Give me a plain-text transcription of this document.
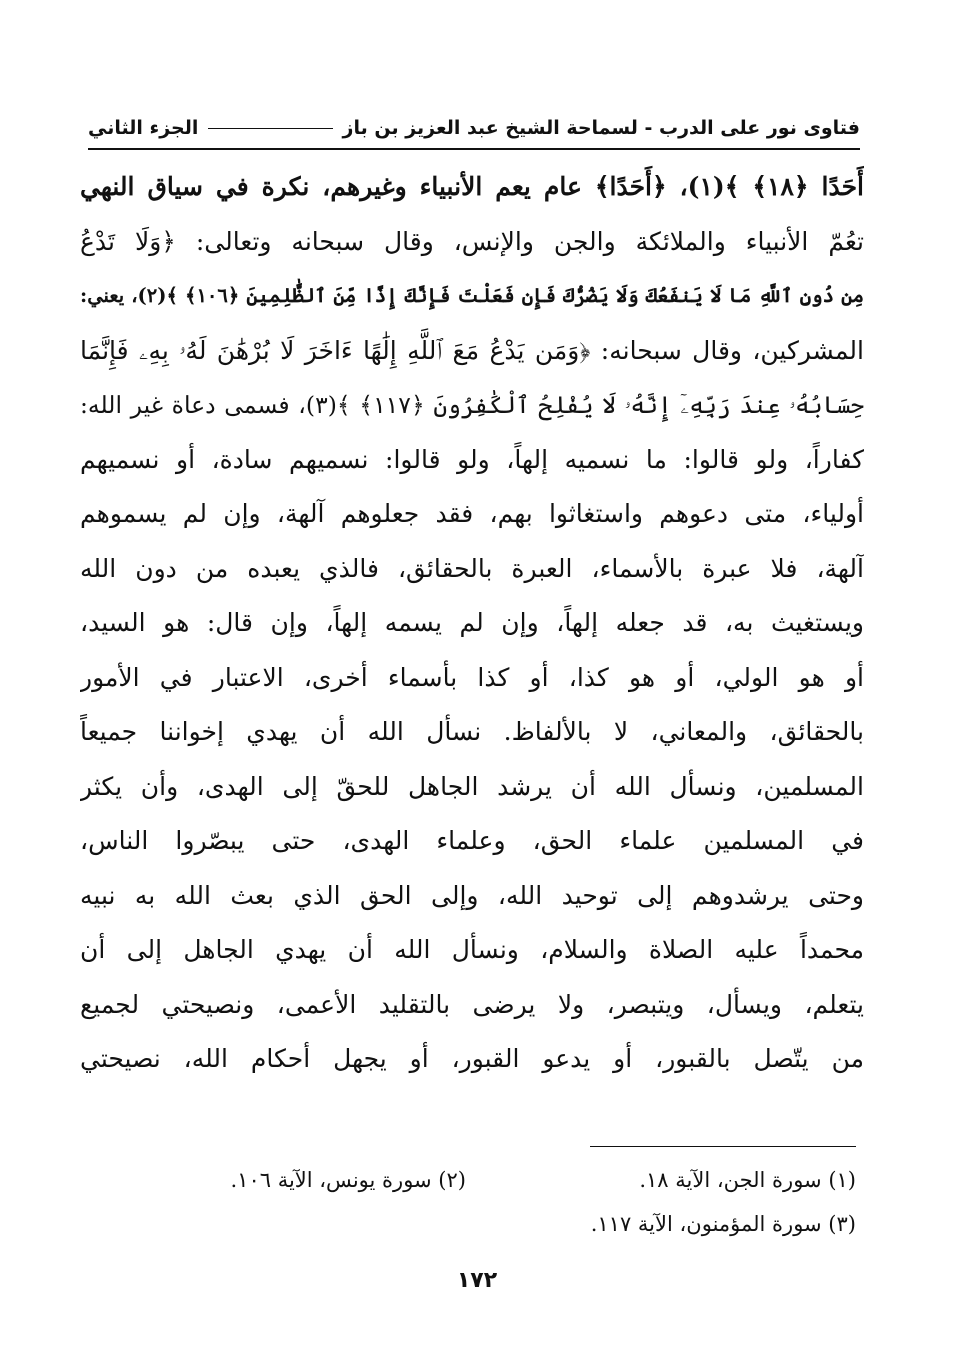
فتاوى نور على الدرب - لسماحة الشيخ عبد العزيز بن باز
الجزء الثاني
أَحَدًا ﴿١٨﴾ ﴾(١)، ﴿أَحَدًا﴾ عام يعم الأنبياء وغيرهم، نكرة في سياق النهي
تعُمّ الأنبياء والملائكة والجن والإنس، وقال سبحانه وتعالى: ﴿وَلَا تَدْعُ
مِن دُونِ ٱللَّهِ مَا لَا يَنفَعُكَ وَلَا يَضُرُّكَ فَإِن فَعَلْتَ فَإِنَّكَ إِذًا مِّنَ ٱلظَّٰلِمِينَ ﴿١٠٦﴾ ﴾(٢)، يعني:
المشركين، وقال سبحانه: ﴿وَمَن يَدْعُ مَعَ ٱللَّهِ إِلَٰهًا ءَاخَرَ لَا بُرْهَٰنَ لَهُۥ بِهِۦ فَإِنَّمَا
حِسَابُهُۥ عِندَ رَبِّهِۦٓ إِنَّهُۥ لَا يُفْلِحُ ٱلْكَٰفِرُونَ ﴿١١٧﴾ ﴾(٣)، فسمى دعاة غير الله:
كفاراً، ولو قالوا: ما نسميه إلهاً، ولو قالوا: نسميهم سادة، أو نسميهم
أولياء، متى دعوهم واستغاثوا بهم، فقد جعلوهم آلهة، وإن لم يسموهم
آلهة، فلا عبرة بالأسماء، العبرة بالحقائق، فالذي يعبده من دون الله
ويستغيث به، قد جعله إلهاً، وإن لم يسمه إلهاً، وإن قال: هو السيد،
أو هو الولي، أو هو كذا، أو كذا بأسماء أخرى، الاعتبار في الأمور
بالحقائق، والمعاني، لا بالألفاظ. نسأل الله أن يهدي إخواننا جميعاً
المسلمين، ونسأل الله أن يرشد الجاهل للحقّ إلى الهدى، وأن يكثر
في المسلمين علماء الحق، وعلماء الهدى، حتى يبصّروا الناس،
وحتى يرشدوهم إلى توحيد الله، وإلى الحق الذي بعث الله به نبيه
محمداً عليه الصلاة والسلام، ونسأل الله أن يهدي الجاهل إلى أن
يتعلم، ويسأل، ويتبصر، ولا يرضى بالتقليد الأعمى، ونصيحتي لجميع
من يتّصل بالقبور، أو يدعو القبور، أو يجهل أحكام الله، نصيحتي
(١) سورة الجن، الآية ١٨.
(٢) سورة يونس، الآية ١٠٦.
(٣) سورة المؤمنون، الآية ١١٧.
١٧٢
